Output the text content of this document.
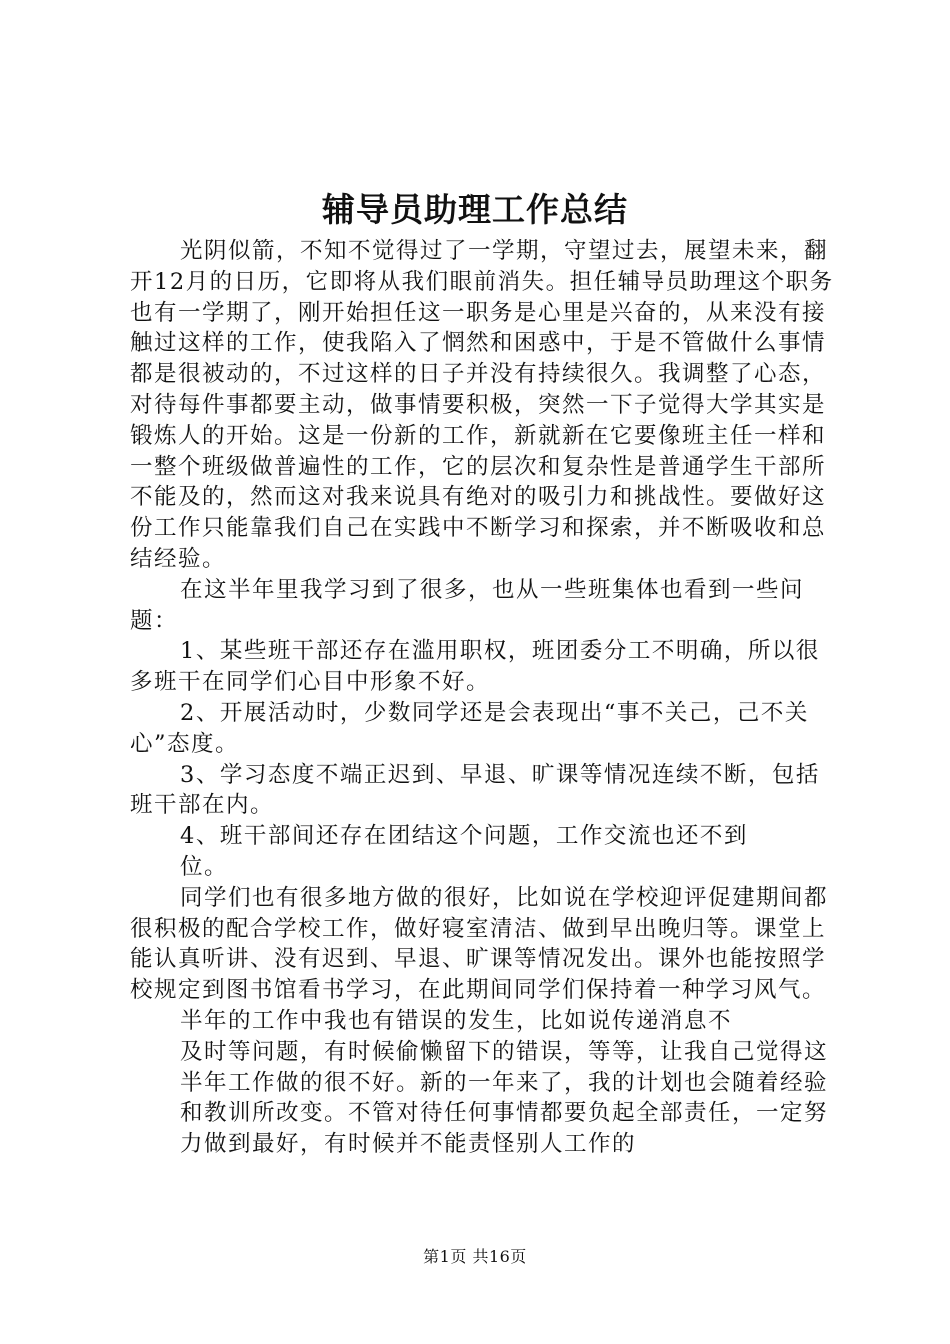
辅导员助理工作总结

光阴似箭，不知不觉得过了一学期，守望过去，展望未来，翻开12月的日历，它即将从我们眼前消失。担任辅导员助理这个职务也有一学期了，刚开始担任这一职务是心里是兴奋的，从来没有接触过这样的工作，使我陷入了惘然和困惑中，于是不管做什么事情都是很被动的，不过这样的日子并没有持续很久。我调整了心态，对待每件事都要主动，做事情要积极，突然一下子觉得大学其实是锻炼人的开始。这是一份新的工作，新就新在它要像班主任一样和一整个班级做普遍性的工作，它的层次和复杂性是普通学生干部所不能及的，然而这对我来说具有绝对的吸引力和挑战性。要做好这份工作只能靠我们自己在实践中不断学习和探索，并不断吸收和总结经验。

在这半年里我学习到了很多，也从一些班集体也看到一些问题：

1、某些班干部还存在滥用职权，班团委分工不明确，所以很多班干在同学们心目中形象不好。

2、开展活动时，少数同学还是会表现出“事不关己，己不关心”态度。

3、学习态度不端正迟到、早退、旷课等情况连续不断，包括班干部在内。

4、班干部间还存在团结这个问题，工作交流也还不到

位。

同学们也有很多地方做的很好，比如说在学校迎评促建期间都很积极的配合学校工作，做好寝室清洁、做到早出晚归等。课堂上能认真听讲、没有迟到、早退、旷课等情况发出。课外也能按照学校规定到图书馆看书学习，在此期间同学们保持着一种学习风气。

半年的工作中我也有错误的发生，比如说传递消息不

及时等问题，有时候偷懒留下的错误，等等，让我自己觉得这半年工作做的很不好。新的一年来了，我的计划也会随着经验和教训所改变。不管对待任何事情都要负起全部责任，一定努力做到最好，有时候并不能责怪别人工作的

第1页 共16页
